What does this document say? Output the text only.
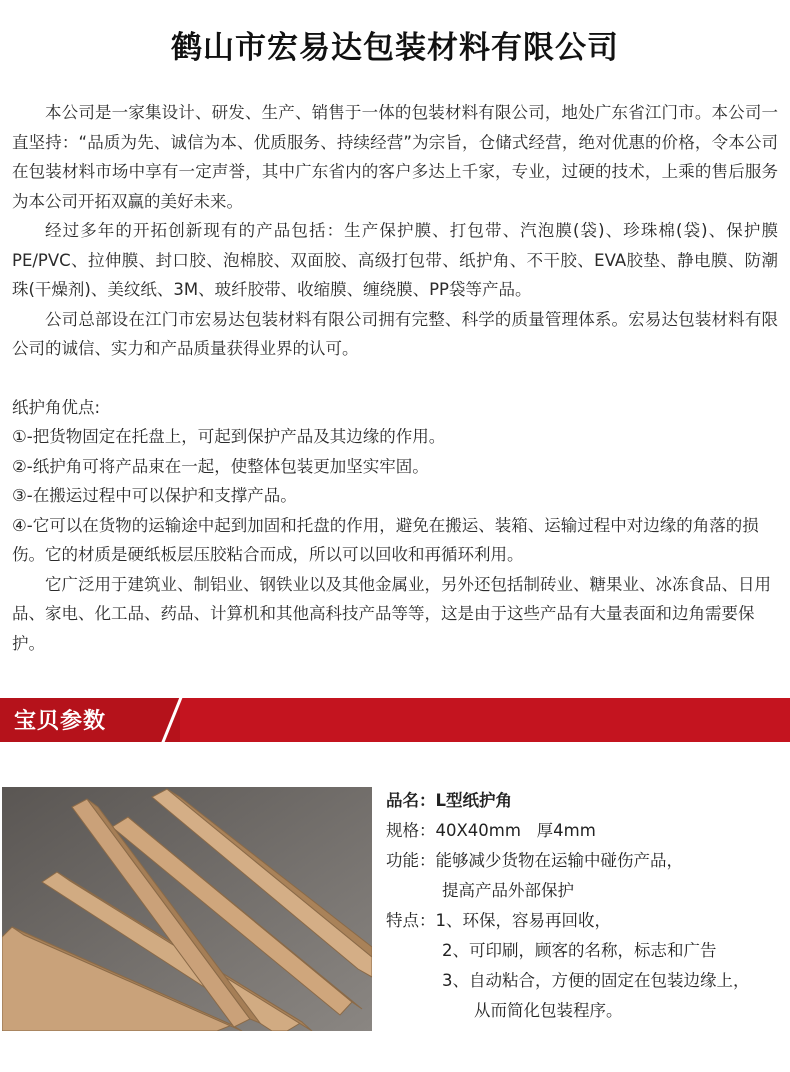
鹤山市宏易达包装材料有限公司

本公司是一家集设计、研发、生产、销售于一体的包装材料有限公司，地处广东省江门市。本公司一直坚持：“品质为先、诚信为本、优质服务、持续经营”为宗旨，仓储式经营，绝对优惠的价格，令本公司在包装材料市场中享有一定声誉，其中广东省内的客户多达上千家，专业，过硬的技术，上乘的售后服务为本公司开拓双赢的美好未来。

经过多年的开拓创新现有的产品包括：生产保护膜、打包带、汽泡膜(袋)、珍珠棉(袋)、保护膜PE/PVC、拉伸膜、封口胶、泡棉胶、双面胶、高级打包带、纸护角、不干胶、EVA胶垫、静电膜、防潮珠(干燥剂)、美纹纸、3M、玻纤胶带、收缩膜、缠绕膜、PP袋等产品。

公司总部设在江门市宏易达包装材料有限公司拥有完整、科学的质量管理体系。宏易达包装材料有限公司的诚信、实力和产品质量获得业界的认可。

纸护角优点:
①-把货物固定在托盘上，可起到保护产品及其边缘的作用。
②-纸护角可将产品束在一起，使整体包装更加坚实牢固。
③-在搬运过程中可以保护和支撑产品。
④-它可以在货物的运输途中起到加固和托盘的作用，避免在搬运、装箱、运输过程中对边缘的角落的损伤。它的材质是硬纸板层压胶粘合而成，所以可以回收和再循环利用。
它广泛用于建筑业、制铝业、钢铁业以及其他金属业，另外还包括制砖业、糖果业、冰冻食品、日用品、家电、化工品、药品、计算机和其他高科技产品等等，这是由于这些产品有大量表面和边角需要保护。
宝贝参数
品名： L型纸护角
规格： 40X40mm   厚4mm
功能： 能够减少货物在运输中碰伤产品，
提高产品外部保护
特点： 1、环保，容易再回收，
2、可印刷，顾客的名称，标志和广告
3、自动粘合，方便的固定在包装边缘上，
从而简化包装程序。
